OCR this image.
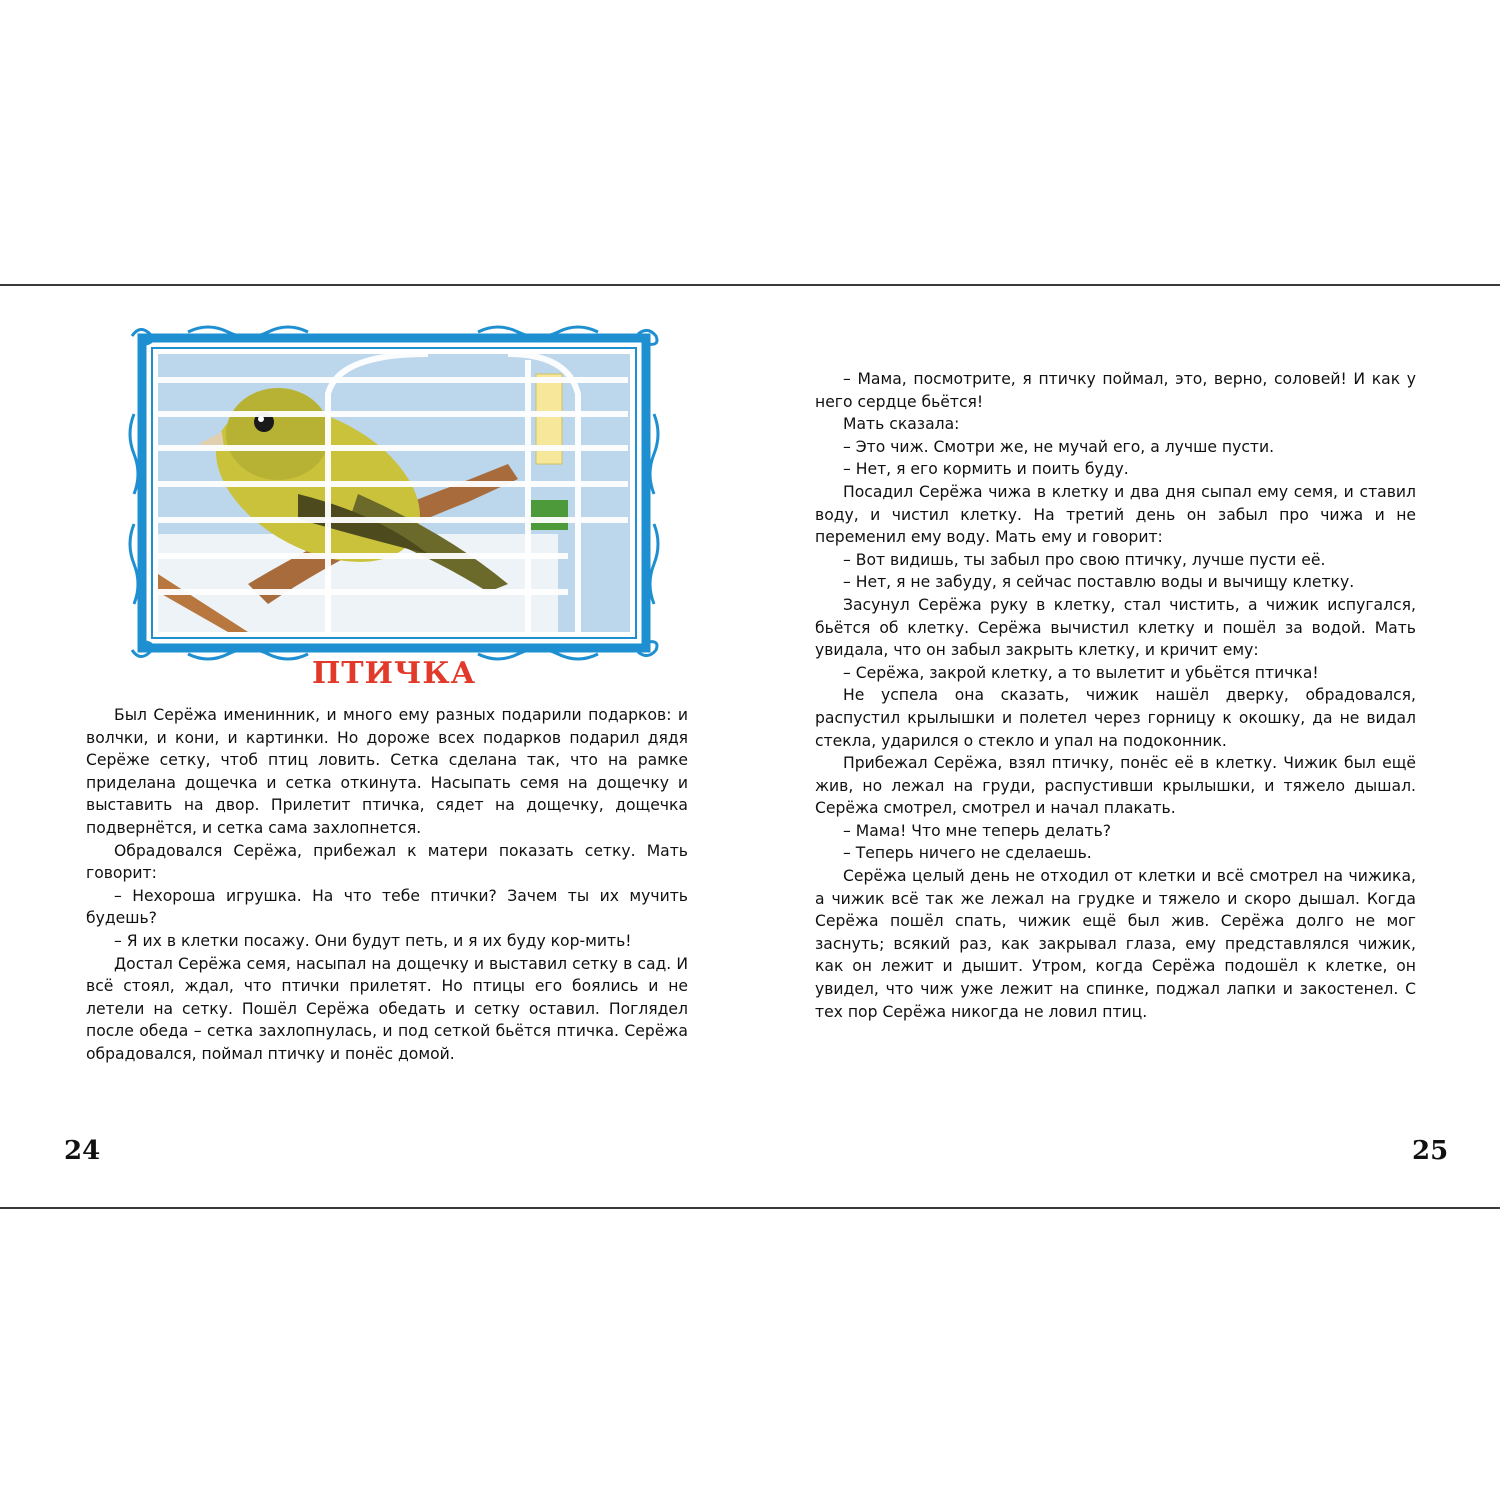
ПТИЧКА

Был Серёжа именинник, и много ему разных подарили подарков: и волчки, и кони, и картинки. Но дороже всех подарков подарил дядя Серёже сетку, чтоб птиц ловить. Сетка сделана так, что на рамке приделана дощечка и сетка откинута. Насыпать семя на дощечку и выставить на двор. Прилетит птичка, сядет на дощечку, дощечка подвернётся, и сетка сама захлопнется.

Обрадовался Серёжа, прибежал к матери показать сетку. Мать говорит:

– Нехороша игрушка. На что тебе птички? Зачем ты их мучить будешь?

– Я их в клетки посажу. Они будут петь, и я их буду кор-мить!

Достал Серёжа семя, насыпал на дощечку и выставил сетку в сад. И всё стоял, ждал, что птички прилетят. Но птицы его боялись и не летели на сетку. Пошёл Серёжа обедать и сетку оставил. Поглядел после обеда – сетка захлопнулась, и под сеткой бьётся птичка. Серёжа обрадовался, поймал птичку и понёс домой.

24

– Мама, посмотрите, я птичку поймал, это, верно, соловей! И как у него сердце бьётся!

Мать сказала:

– Это чиж. Смотри же, не мучай его, а лучше пусти.

– Нет, я его кормить и поить буду.

Посадил Серёжа чижа в клетку и два дня сыпал ему семя, и ставил воду, и чистил клетку. На третий день он забыл про чижа и не переменил ему воду. Мать ему и говорит:

– Вот видишь, ты забыл про свою птичку, лучше пусти её.

– Нет, я не забуду, я сейчас поставлю воды и вычищу клетку.

Засунул Серёжа руку в клетку, стал чистить, а чижик испугался, бьётся об клетку. Серёжа вычистил клетку и пошёл за водой. Мать увидала, что он забыл закрыть клетку, и кричит ему:

– Серёжа, закрой клетку, а то вылетит и убьётся птичка!

Не успела она сказать, чижик нашёл дверку, обрадовался, распустил крылышки и полетел через горницу к окошку, да не видал стекла, ударился о стекло и упал на подоконник.

Прибежал Серёжа, взял птичку, понёс её в клетку. Чижик был ещё жив, но лежал на груди, распустивши крылышки, и тяжело дышал. Серёжа смотрел, смотрел и начал плакать.

– Мама! Что мне теперь делать?

– Теперь ничего не сделаешь.

Серёжа целый день не отходил от клетки и всё смотрел на чижика, а чижик всё так же лежал на грудке и тяжело и скоро дышал. Когда Серёжа пошёл спать, чижик ещё был жив. Серёжа долго не мог заснуть; всякий раз, как закрывал глаза, ему представлялся чижик, как он лежит и дышит. Утром, когда Серёжа подошёл к клетке, он увидел, что чиж уже лежит на спинке, поджал лапки и закостенел. С тех пор Серёжа никогда не ловил птиц.

25
